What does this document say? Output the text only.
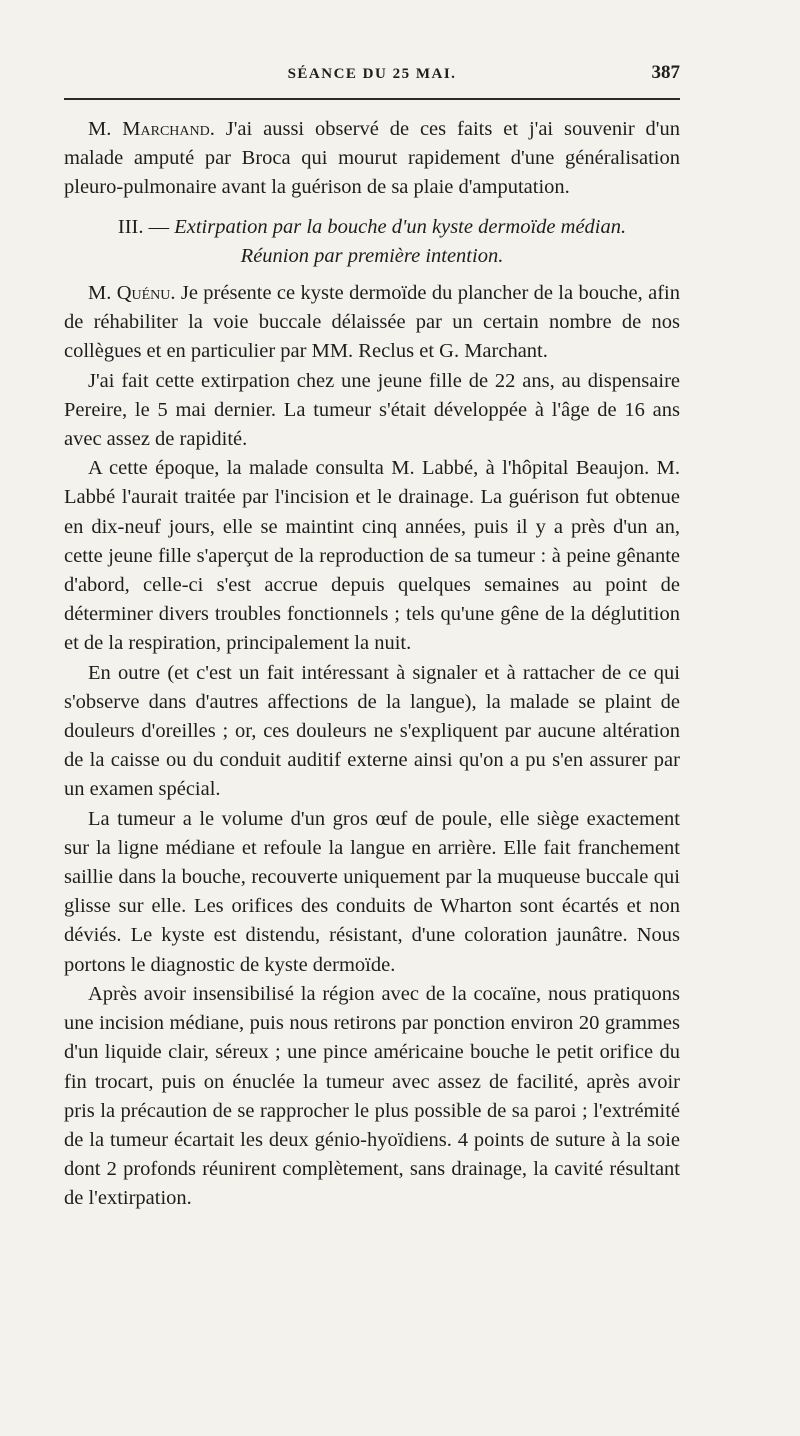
SÉANCE DU 25 MAI.	387

M. Marchand. J'ai aussi observé de ces faits et j'ai souvenir d'un malade amputé par Broca qui mourut rapidement d'une généralisation pleuro-pulmonaire avant la guérison de sa plaie d'amputation.

III. — Extirpation par la bouche d'un kyste dermoïde médian.
Réunion par première intention.

M. Quénu. Je présente ce kyste dermoïde du plancher de la bouche, afin de réhabiliter la voie buccale délaissée par un certain nombre de nos collègues et en particulier par MM. Reclus et G. Marchant.

J'ai fait cette extirpation chez une jeune fille de 22 ans, au dispensaire Pereire, le 5 mai dernier. La tumeur s'était développée à l'âge de 16 ans avec assez de rapidité.

A cette époque, la malade consulta M. Labbé, à l'hôpital Beaujon. M. Labbé l'aurait traitée par l'incision et le drainage. La guérison fut obtenue en dix-neuf jours, elle se maintint cinq années, puis il y a près d'un an, cette jeune fille s'aperçut de la reproduction de sa tumeur : à peine gênante d'abord, celle-ci s'est accrue depuis quelques semaines au point de déterminer divers troubles fonctionnels ; tels qu'une gêne de la déglutition et de la respiration, principalement la nuit.

En outre (et c'est un fait intéressant à signaler et à rattacher de ce qui s'observe dans d'autres affections de la langue), la malade se plaint de douleurs d'oreilles ; or, ces douleurs ne s'expliquent par aucune altération de la caisse ou du conduit auditif externe ainsi qu'on a pu s'en assurer par un examen spécial.

La tumeur a le volume d'un gros œuf de poule, elle siège exactement sur la ligne médiane et refoule la langue en arrière. Elle fait franchement saillie dans la bouche, recouverte uniquement par la muqueuse buccale qui glisse sur elle. Les orifices des conduits de Wharton sont écartés et non déviés. Le kyste est distendu, résistant, d'une coloration jaunâtre. Nous portons le diagnostic de kyste dermoïde.

Après avoir insensibilisé la région avec de la cocaïne, nous pratiquons une incision médiane, puis nous retirons par ponction environ 20 grammes d'un liquide clair, séreux ; une pince américaine bouche le petit orifice du fin trocart, puis on énuclée la tumeur avec assez de facilité, après avoir pris la précaution de se rapprocher le plus possible de sa paroi ; l'extrémité de la tumeur écartait les deux génio-hyoïdiens. 4 points de suture à la soie dont 2 profonds réunirent complètement, sans drainage, la cavité résultant de l'extirpation.
